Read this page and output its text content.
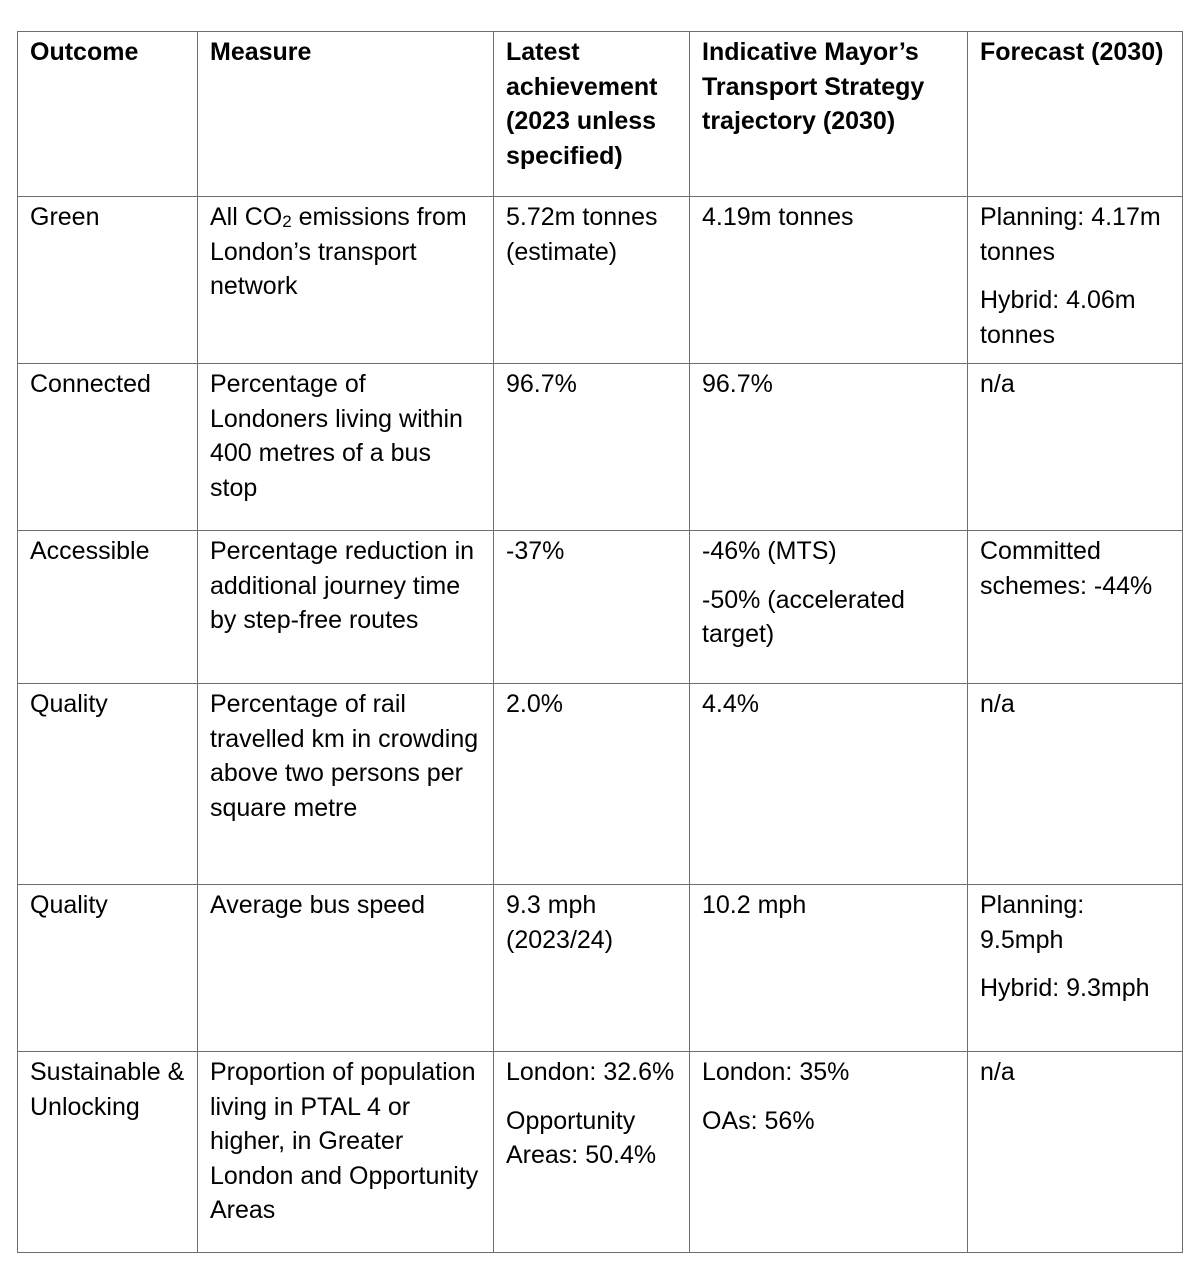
Outcome	Measure	Latest achievement (2023 unless specified)	Indicative Mayor’s Transport Strategy trajectory (2030)	Forecast (2030)
Green	All $CO_2$ emissions from London’s transport network	5.72m tonnes (estimate)	4.19m tonnes	Planning: 4.17m tonnes
Hybrid: 4.06m tonnes

Connected	Percentage of Londoners living within 400 metres of a bus stop	96.7%	96.7%	n/a

Accessible	Percentage reduction in additional journey time by step-free routes	-37%	-46% (MTS)
-50% (accelerated target)	Committed schemes: -44%

Quality	Percentage of rail travelled km in crowding above two persons per square metre	2.0%	4.4%	n/a

Quality	Average bus speed	9.3 mph (2023/24)	10.2 mph	Planning: 9.5mph
Hybrid: 9.3mph

Sustainable & Unlocking	Proportion of population living in PTAL 4 or higher, in Greater London and Opportunity Areas	London: 32.6%
Opportunity Areas: 50.4%	London: 35%
OAs: 56%	n/a
